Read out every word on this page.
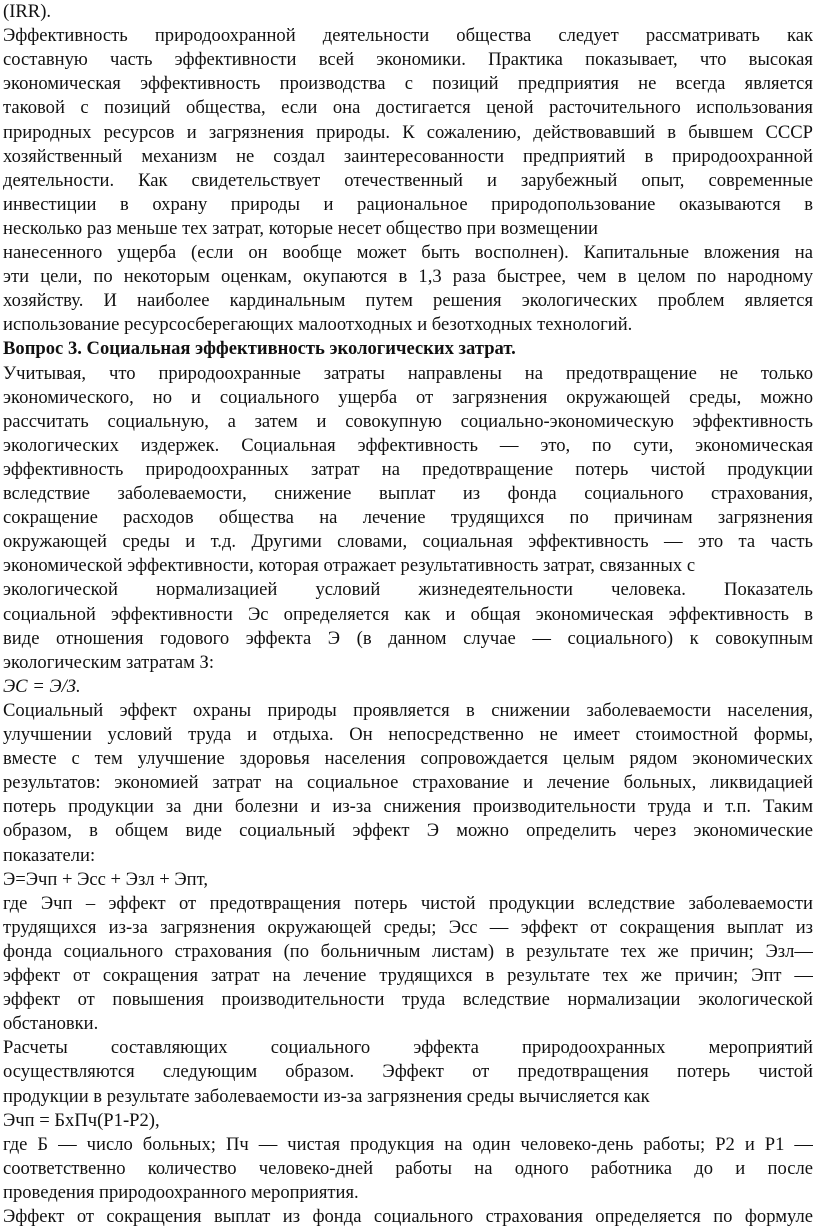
(IRR).
Эффективность природоохранной деятельности общества следует рассматривать как
составную часть эффективности всей экономики. Практика показывает, что высокая
экономическая эффективность производства с позиций предприятия не всегда является
таковой с позиций общества, если она достигается ценой расточительного использования
природных ресурсов и загрязнения природы. К сожалению, действовавший в бывшем СССР
хозяйственный механизм не создал заинтересованности предприятий в природоохранной
деятельности. Как свидетельствует отечественный и зарубежный опыт, современные
инвестиции в охрану природы и рациональное природопользование оказываются в
несколько раз меньше тех затрат, которые несет общество при возмещении
нанесенного ущерба (если он вообще может быть восполнен). Капитальные вложения на
эти цели, по некоторым оценкам, окупаются в 1,3 раза быстрее, чем в целом по народному
хозяйству. И наиболее кардинальным путем решения экологических проблем является
использование ресурсосберегающих малоотходных и безотходных технологий.
Вопрос 3. Социальная эффективность экологических затрат.
Учитывая, что природоохранные затраты направлены на предотвращение не только
экономического, но и социального ущерба от загрязнения окружающей среды, можно
рассчитать социальную, а затем и совокупную социально-экономическую эффективность
экологических издержек. Социальная эффективность — это, по сути, экономическая
эффективность природоохранных затрат на предотвращение потерь чистой продукции
вследствие заболеваемости, снижение выплат из фонда социального страхования,
сокращение расходов общества на лечение трудящихся по причинам загрязнения
окружающей среды и т.д. Другими словами, социальная эффективность — это та часть
экономической эффективности, которая отражает результативность затрат, связанных с
экологической нормализацией условий жизнедеятельности человека. Показатель
социальной эффективности Эс определяется как и общая экономическая эффективность в
виде отношения годового эффекта Э (в данном случае — социального) к совокупным
экологическим затратам З:
ЭС = Э/З.
Социальный эффект охраны природы проявляется в снижении заболеваемости населения,
улучшении условий труда и отдыха. Он непосредственно не имеет стоимостной формы,
вместе с тем улучшение здоровья населения сопровождается целым рядом экономических
результатов: экономией затрат на социальное страхование и лечение больных, ликвидацией
потерь продукции за дни болезни и из-за снижения производительности труда и т.п. Таким
образом, в общем виде социальный эффект Э можно определить через экономические
показатели:
Э=Эчп + Эсс + Эзл + Эпт,
где Эчп – эффект от предотвращения потерь чистой продукции вследствие заболеваемости
трудящихся из-за загрязнения окружающей среды; Эсс — эффект от сокращения выплат из
фонда социального страхования (по больничным листам) в результате тех же причин; Эзл—
эффект от сокращения затрат на лечение трудящихся в результате тех же причин; Эпт —
эффект от повышения производительности труда вследствие нормализации экологической
обстановки.
Расчеты составляющих социального эффекта природоохранных мероприятий
осуществляются следующим образом. Эффект от предотвращения потерь чистой
продукции в результате заболеваемости из-за загрязнения среды вычисляется как
Эчп = БхПч(Р1-Р2),
где Б — число больных; Пч — чистая продукция на один человеко-день работы; Р2 и Р1 —
соответственно количество человеко-дней работы на одного работника до и после
проведения природоохранного мероприятия.
Эффект от сокращения выплат из фонда социального страхования определяется по формуле
